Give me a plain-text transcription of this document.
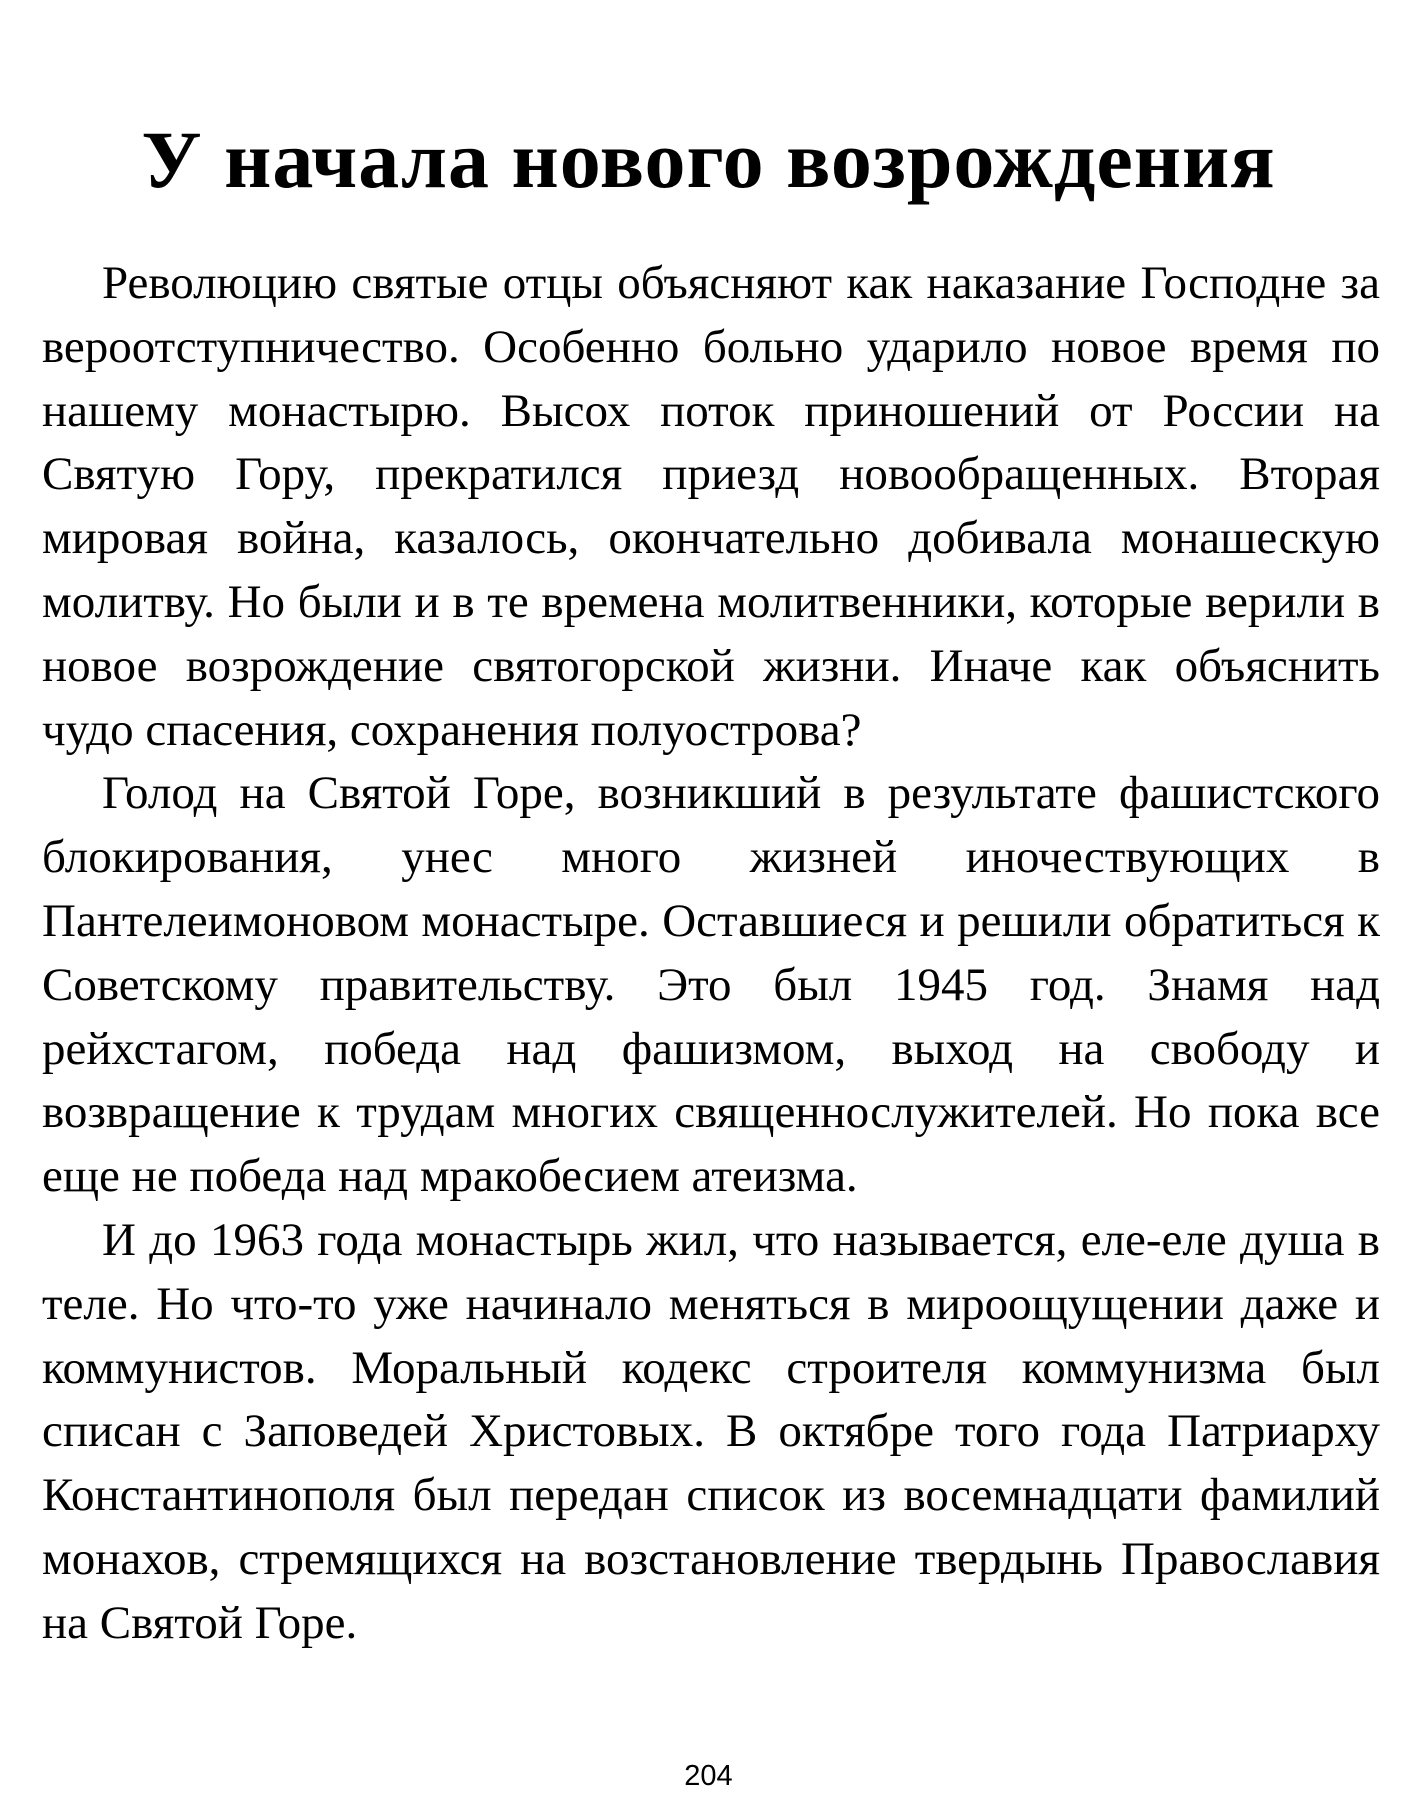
У начала нового возрождения

Революцию святые отцы объясняют как наказание Господне за вероотступничество. Особенно больно ударило новое время по нашему монастырю. Высох поток приношений от России на Святую Гору, прекратился приезд новообращенных. Вторая мировая война, казалось, окончательно добивала монашескую молитву. Но были и в те времена молитвенники, которые верили в новое возрождение святогорской жизни. Иначе как объяснить чудо спасения, сохранения полуострова?

Голод на Святой Горе, возникший в результате фашистского блокирования, унес много жизней иночествующих в Пантелеимоновом монастыре. Оставшиеся и решили обратиться к Советскому правительству. Это был 1945 год. Знамя над рейхстагом, победа над фашизмом, выход на свободу и возвращение к трудам многих священнослужителей. Но пока все еще не победа над мракобесием атеизма.

И до 1963 года монастырь жил, что называется, еле-еле душа в теле. Но что-то уже начинало меняться в мироощущении даже и коммунистов. Моральный кодекс строителя коммунизма был списан с Заповедей Христовых. В октябре того года Патриарху Константинополя был передан список из восемнадцати фамилий монахов, стремящихся на возстановление твердынь Православия на Святой Горе.

204
